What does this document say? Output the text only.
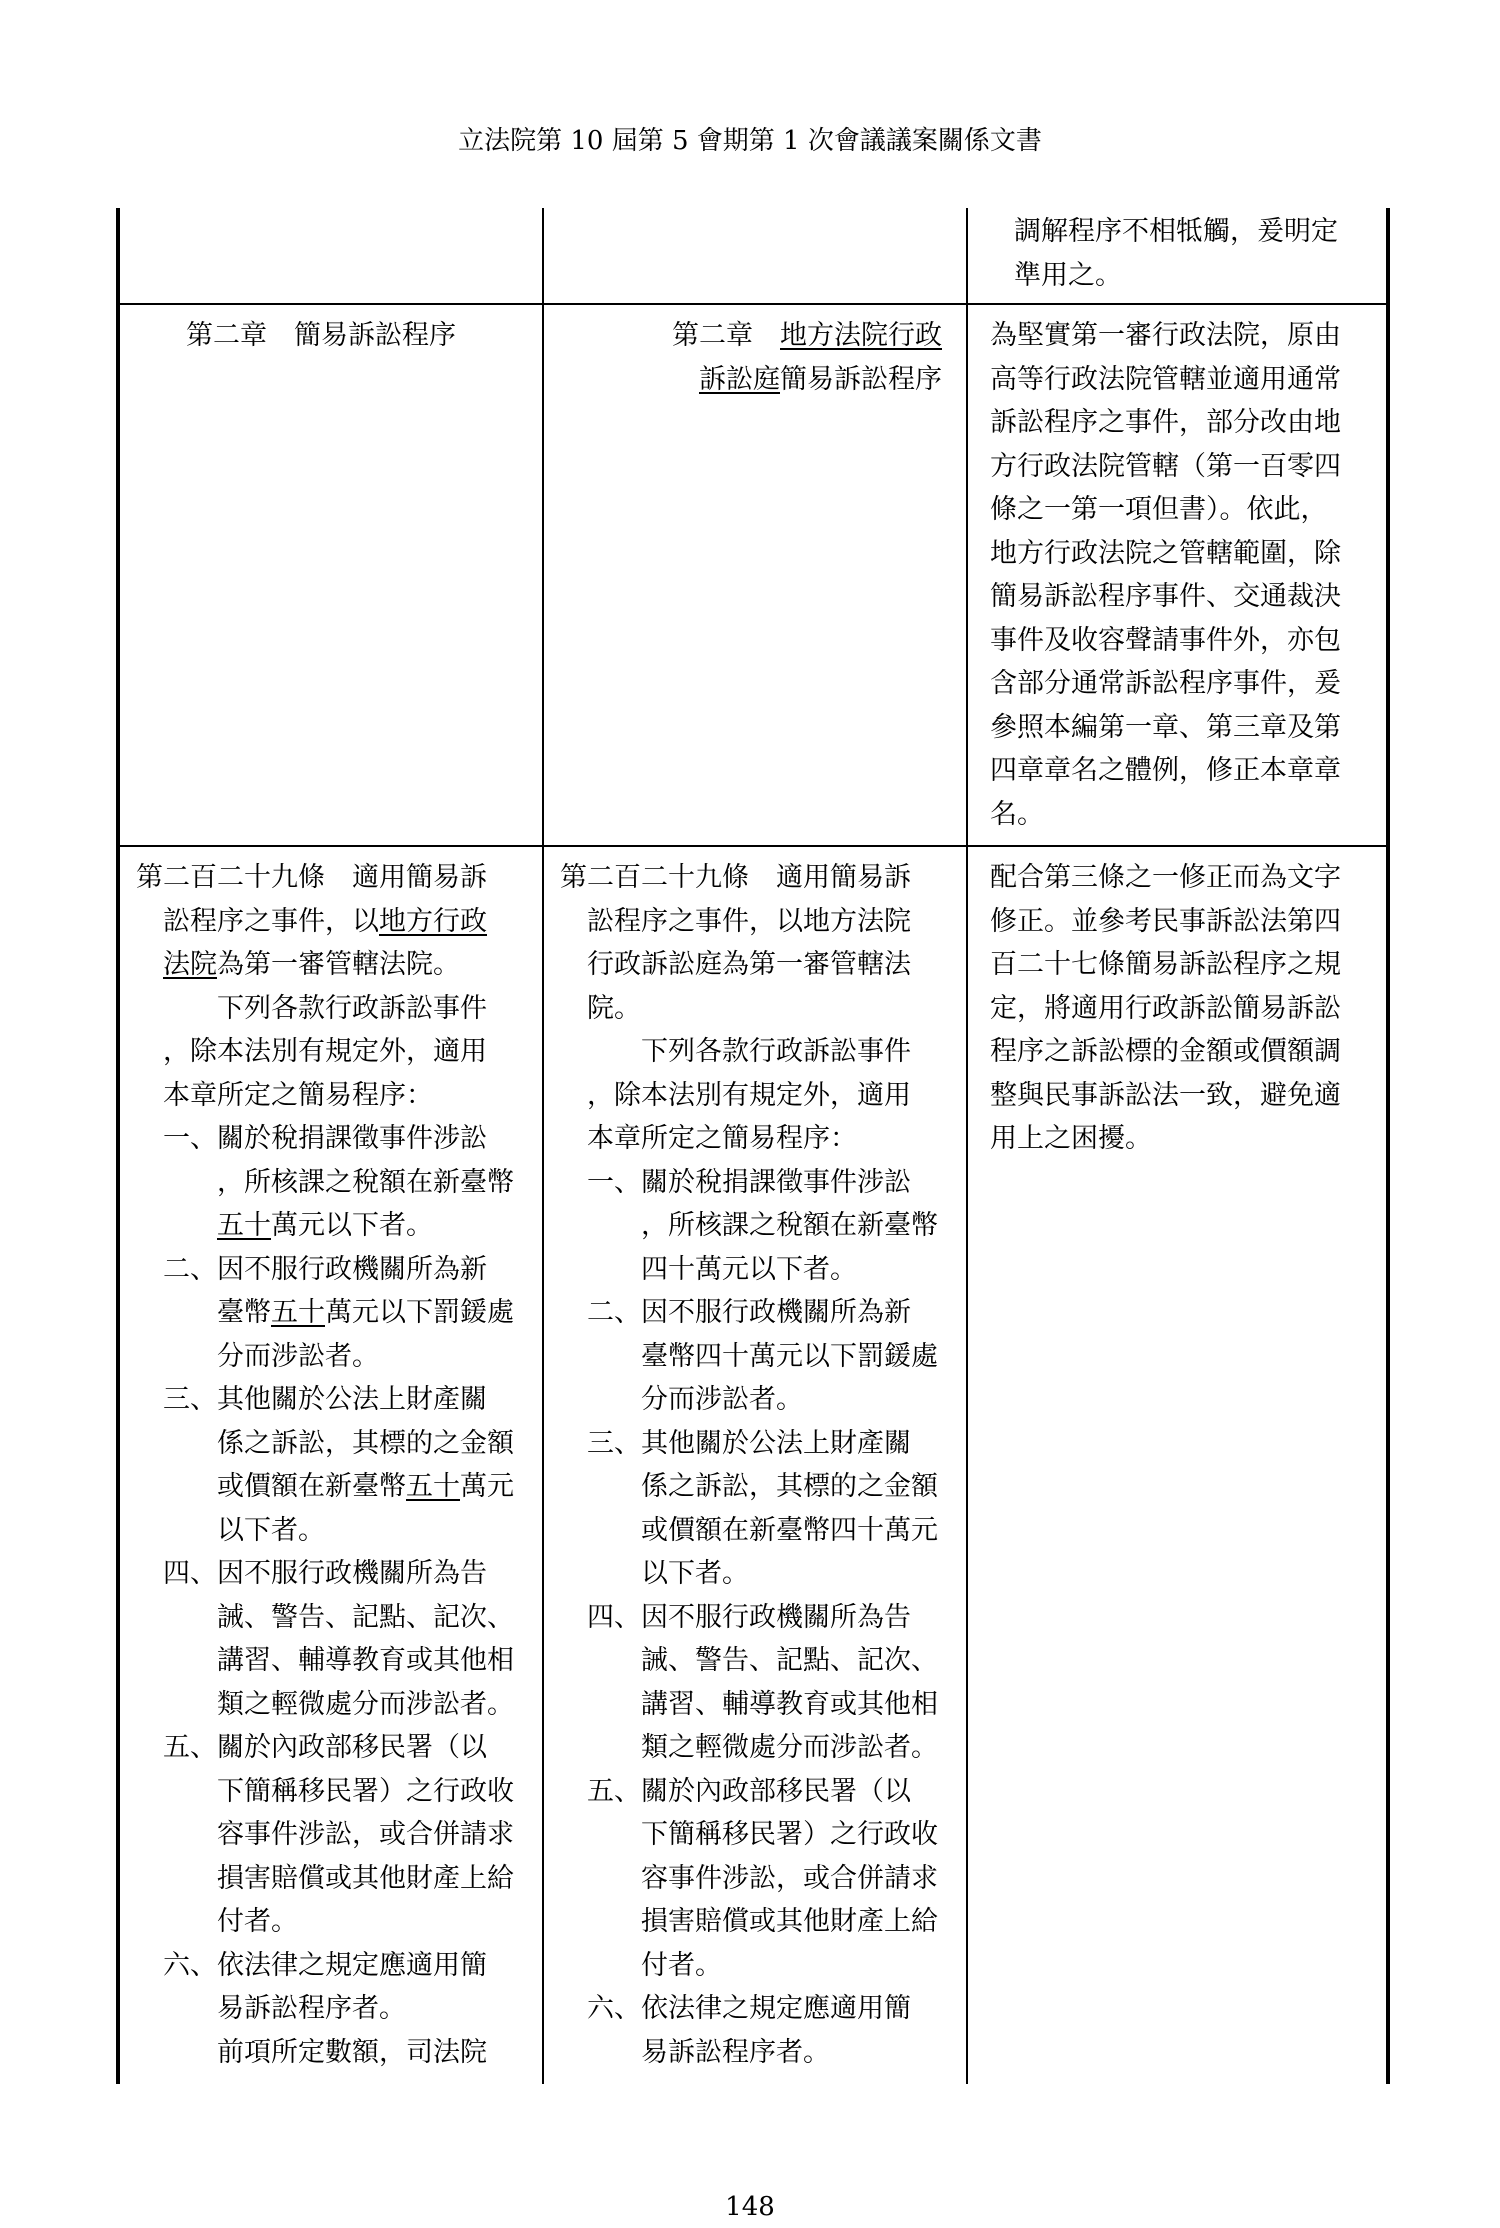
立法院第 10 屆第 5 會期第 1 次會議議案關係文書

調解程序不相牴觸，爰明定

準用之。

第二章　簡易訴訟程序	第二章　地方法院行政

訴訟庭簡易訴訟程序

為堅實第一審行政法院，原由

高等行政法院管轄並適用通常

訴訟程序之事件，部分改由地

方行政法院管轄（第一百零四

條之一第一項但書）。依此，

地方行政法院之管轄範圍，除

簡易訴訟程序事件、交通裁決

事件及收容聲請事件外，亦包

含部分通常訴訟程序事件，爰

參照本編第一章、第三章及第

四章章名之體例，修正本章章

名。

第二百二十九條　適用簡易訴

訟程序之事件，以地方行政

法院為第一審管轄法院。

下列各款行政訴訟事件

，除本法別有規定外，適用

本章所定之簡易程序：

一、關於稅捐課徵事件涉訟

，所核課之稅額在新臺幣

五十萬元以下者。

二、因不服行政機關所為新

臺幣五十萬元以下罰鍰處

分而涉訟者。

三、其他關於公法上財產關

係之訴訟，其標的之金額

或價額在新臺幣五十萬元

以下者。

四、因不服行政機關所為告

誡、警告、記點、記次、

講習、輔導教育或其他相

類之輕微處分而涉訟者。

五、關於內政部移民署（以

下簡稱移民署）之行政收

容事件涉訟，或合併請求

損害賠償或其他財產上給

付者。

六、依法律之規定應適用簡

易訴訟程序者。

前項所定數額，司法院

第二百二十九條　適用簡易訴

訟程序之事件，以地方法院

行政訴訟庭為第一審管轄法

院。

下列各款行政訴訟事件

，除本法別有規定外，適用

本章所定之簡易程序：

一、關於稅捐課徵事件涉訟

，所核課之稅額在新臺幣

四十萬元以下者。

二、因不服行政機關所為新

臺幣四十萬元以下罰鍰處

分而涉訟者。

三、其他關於公法上財產關

係之訴訟，其標的之金額

或價額在新臺幣四十萬元

以下者。

四、因不服行政機關所為告

誡、警告、記點、記次、

講習、輔導教育或其他相

類之輕微處分而涉訟者。

五、關於內政部移民署（以

下簡稱移民署）之行政收

容事件涉訟，或合併請求

損害賠償或其他財產上給

付者。

六、依法律之規定應適用簡

易訴訟程序者。

配合第三條之一修正而為文字

修正。並參考民事訴訟法第四

百二十七條簡易訴訟程序之規

定，將適用行政訴訟簡易訴訟

程序之訴訟標的金額或價額調

整與民事訴訟法一致，避免適

用上之困擾。

148
